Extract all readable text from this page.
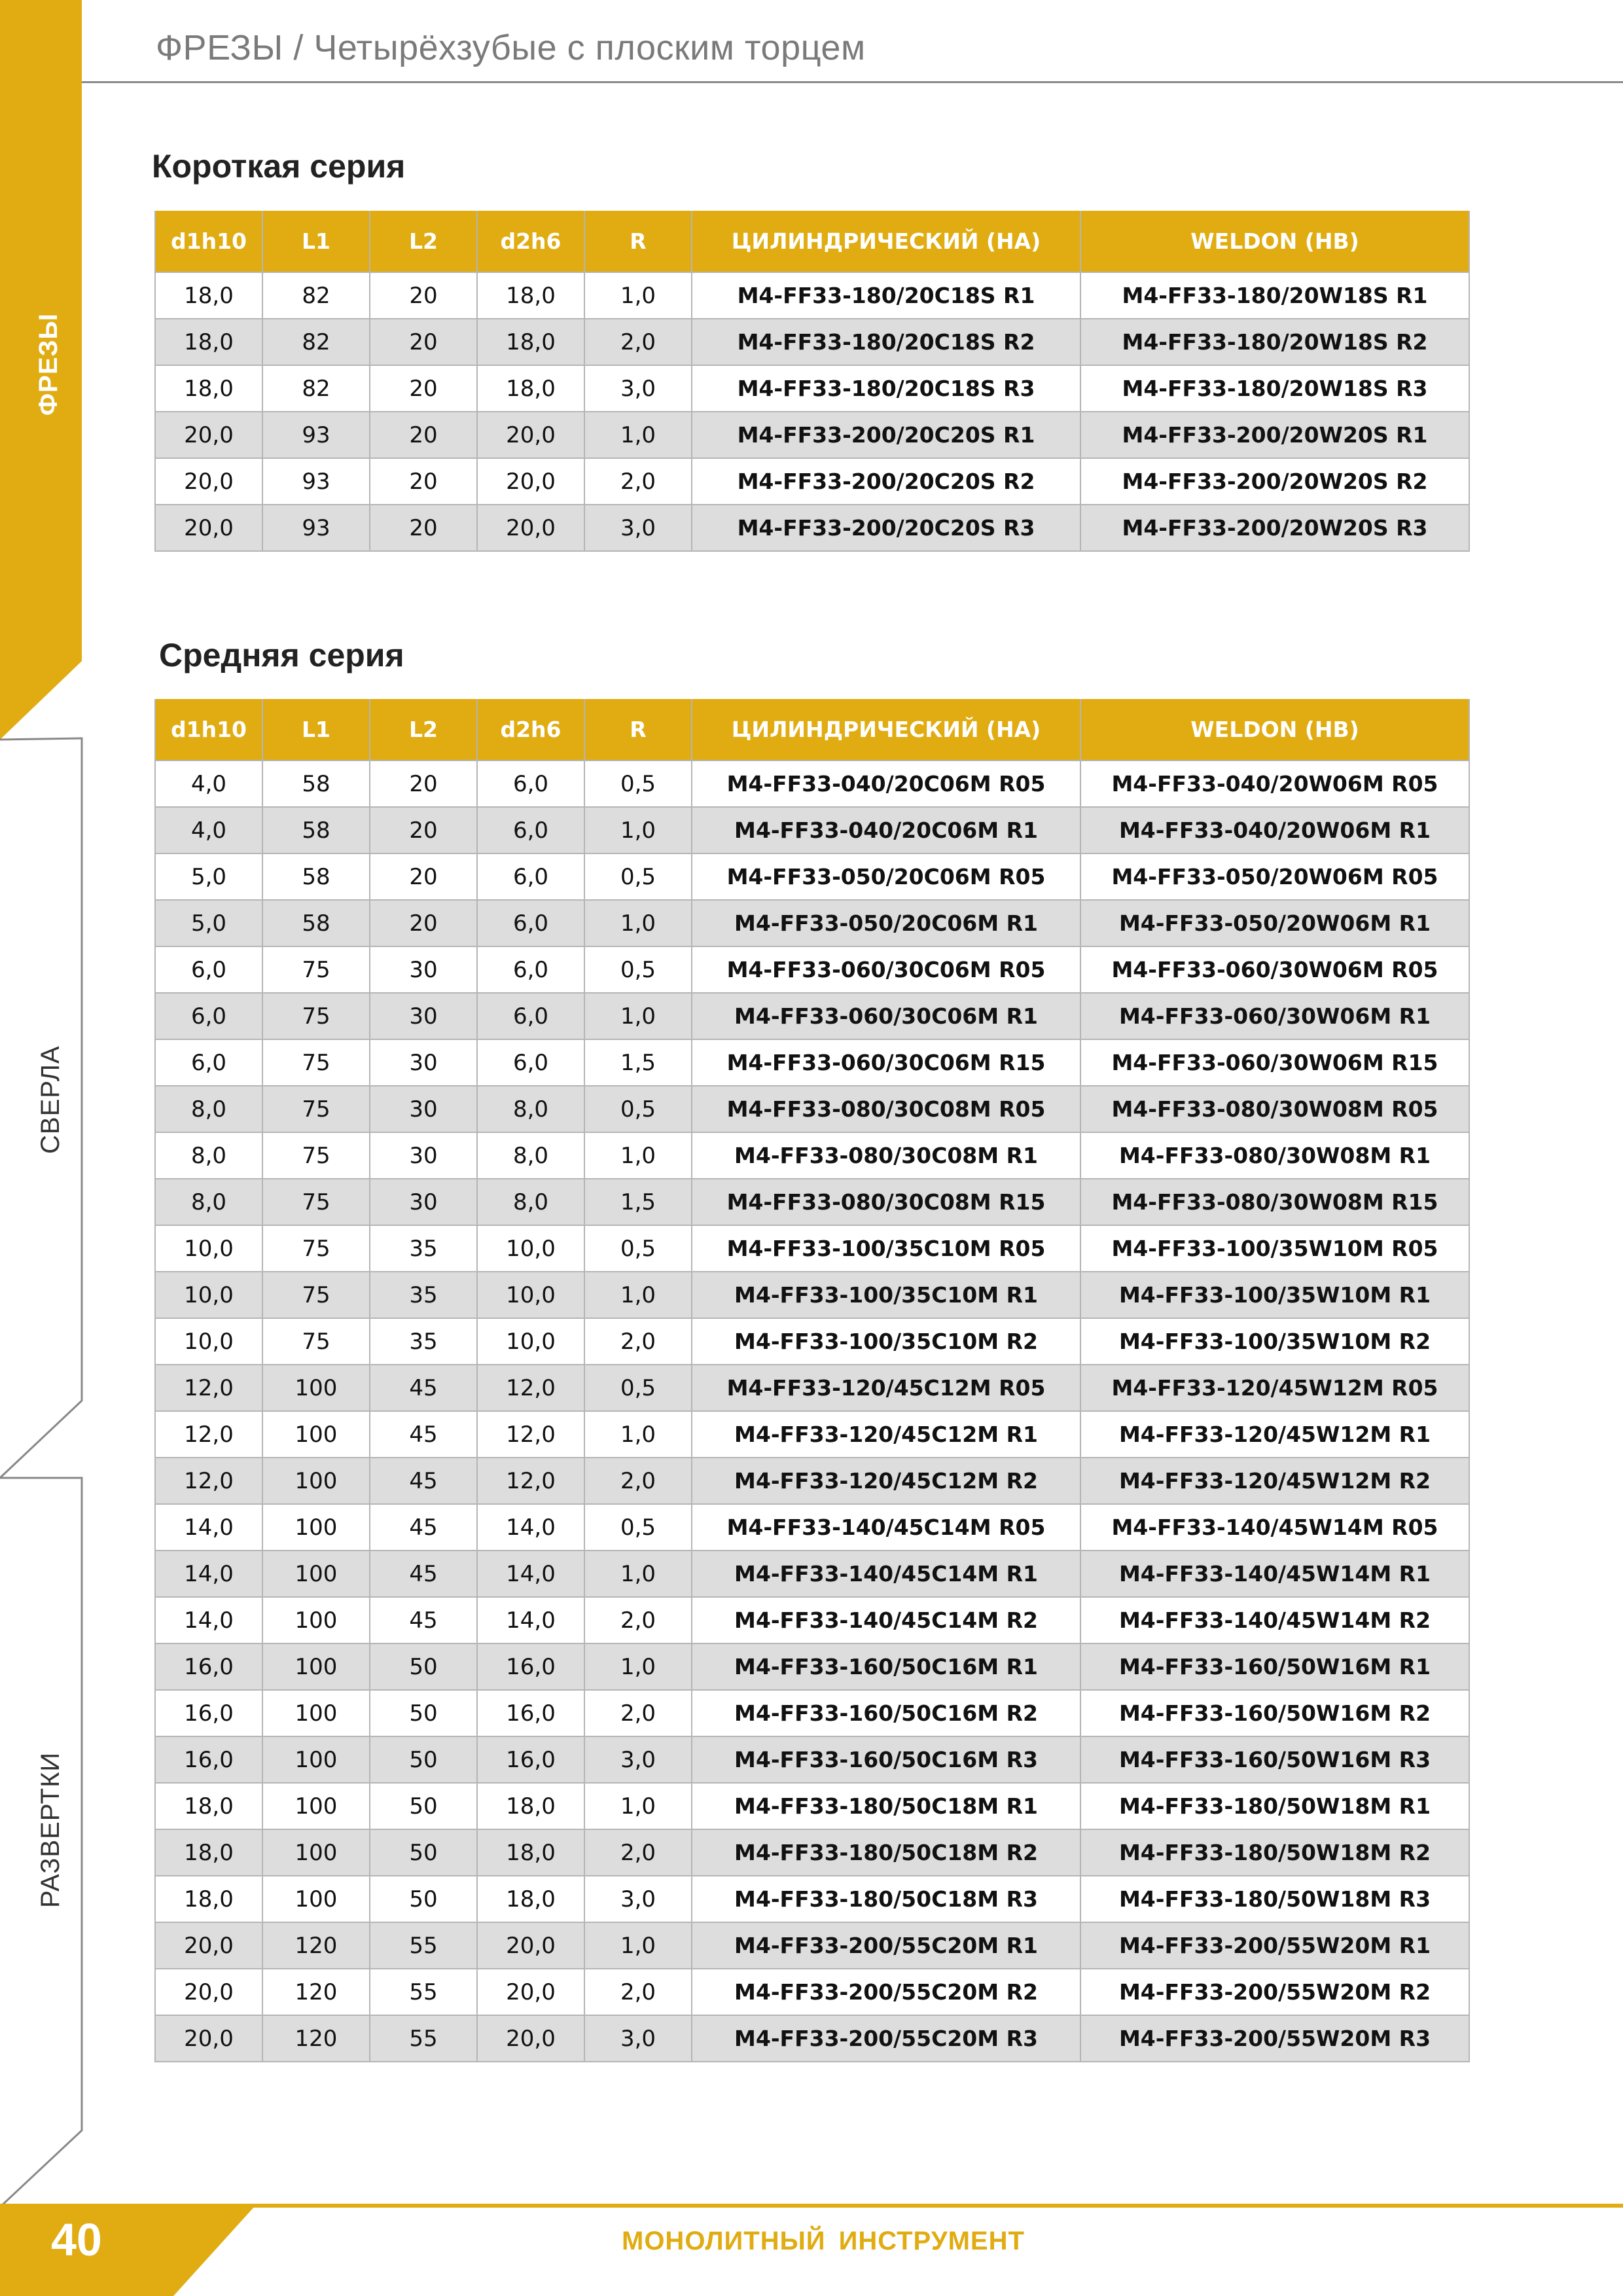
ФРЕЗЫ / Четырёхзубые с плоским торцем
ФРЕЗЫ
СВЕРЛА
РАЗВЕРТКИ
Короткая серия
d1h10	L1	L2	d2h6	R	ЦИЛИНДРИЧЕСКИЙ (НА)	WELDON (НВ)
18,0	82	20	18,0	1,0	M4-FF33-180/20C18S R1	M4-FF33-180/20W18S R1
18,0	82	20	18,0	2,0	M4-FF33-180/20C18S R2	M4-FF33-180/20W18S R2
18,0	82	20	18,0	3,0	M4-FF33-180/20C18S R3	M4-FF33-180/20W18S R3
20,0	93	20	20,0	1,0	M4-FF33-200/20C20S R1	M4-FF33-200/20W20S R1
20,0	93	20	20,0	2,0	M4-FF33-200/20C20S R2	M4-FF33-200/20W20S R2
20,0	93	20	20,0	3,0	M4-FF33-200/20C20S R3	M4-FF33-200/20W20S R3
Средняя серия
d1h10	L1	L2	d2h6	R	ЦИЛИНДРИЧЕСКИЙ (НА)	WELDON (НВ)
4,0	58	20	6,0	0,5	M4-FF33-040/20C06M R05	M4-FF33-040/20W06M R05
4,0	58	20	6,0	1,0	M4-FF33-040/20C06M R1	M4-FF33-040/20W06M R1
5,0	58	20	6,0	0,5	M4-FF33-050/20C06M R05	M4-FF33-050/20W06M R05
5,0	58	20	6,0	1,0	M4-FF33-050/20C06M R1	M4-FF33-050/20W06M R1
6,0	75	30	6,0	0,5	M4-FF33-060/30C06M R05	M4-FF33-060/30W06M R05
6,0	75	30	6,0	1,0	M4-FF33-060/30C06M R1	M4-FF33-060/30W06M R1
6,0	75	30	6,0	1,5	M4-FF33-060/30C06M R15	M4-FF33-060/30W06M R15
8,0	75	30	8,0	0,5	M4-FF33-080/30C08M R05	M4-FF33-080/30W08M R05
8,0	75	30	8,0	1,0	M4-FF33-080/30C08M R1	M4-FF33-080/30W08M R1
8,0	75	30	8,0	1,5	M4-FF33-080/30C08M R15	M4-FF33-080/30W08M R15
10,0	75	35	10,0	0,5	M4-FF33-100/35C10M R05	M4-FF33-100/35W10M R05
10,0	75	35	10,0	1,0	M4-FF33-100/35C10M R1	M4-FF33-100/35W10M R1
10,0	75	35	10,0	2,0	M4-FF33-100/35C10M R2	M4-FF33-100/35W10M R2
12,0	100	45	12,0	0,5	M4-FF33-120/45C12M R05	M4-FF33-120/45W12M R05
12,0	100	45	12,0	1,0	M4-FF33-120/45C12M R1	M4-FF33-120/45W12M R1
12,0	100	45	12,0	2,0	M4-FF33-120/45C12M R2	M4-FF33-120/45W12M R2
14,0	100	45	14,0	0,5	M4-FF33-140/45C14M R05	M4-FF33-140/45W14M R05
14,0	100	45	14,0	1,0	M4-FF33-140/45C14M R1	M4-FF33-140/45W14M R1
14,0	100	45	14,0	2,0	M4-FF33-140/45C14M R2	M4-FF33-140/45W14M R2
16,0	100	50	16,0	1,0	M4-FF33-160/50C16M R1	M4-FF33-160/50W16M R1
16,0	100	50	16,0	2,0	M4-FF33-160/50C16M R2	M4-FF33-160/50W16M R2
16,0	100	50	16,0	3,0	M4-FF33-160/50C16M R3	M4-FF33-160/50W16M R3
18,0	100	50	18,0	1,0	M4-FF33-180/50C18M R1	M4-FF33-180/50W18M R1
18,0	100	50	18,0	2,0	M4-FF33-180/50C18M R2	M4-FF33-180/50W18M R2
18,0	100	50	18,0	3,0	M4-FF33-180/50C18M R3	M4-FF33-180/50W18M R3
20,0	120	55	20,0	1,0	M4-FF33-200/55C20M R1	M4-FF33-200/55W20M R1
20,0	120	55	20,0	2,0	M4-FF33-200/55C20M R2	M4-FF33-200/55W20M R2
20,0	120	55	20,0	3,0	M4-FF33-200/55C20M R3	M4-FF33-200/55W20M R3
40	МОНОЛИТНЫЙ ИНСТРУМЕНТ
